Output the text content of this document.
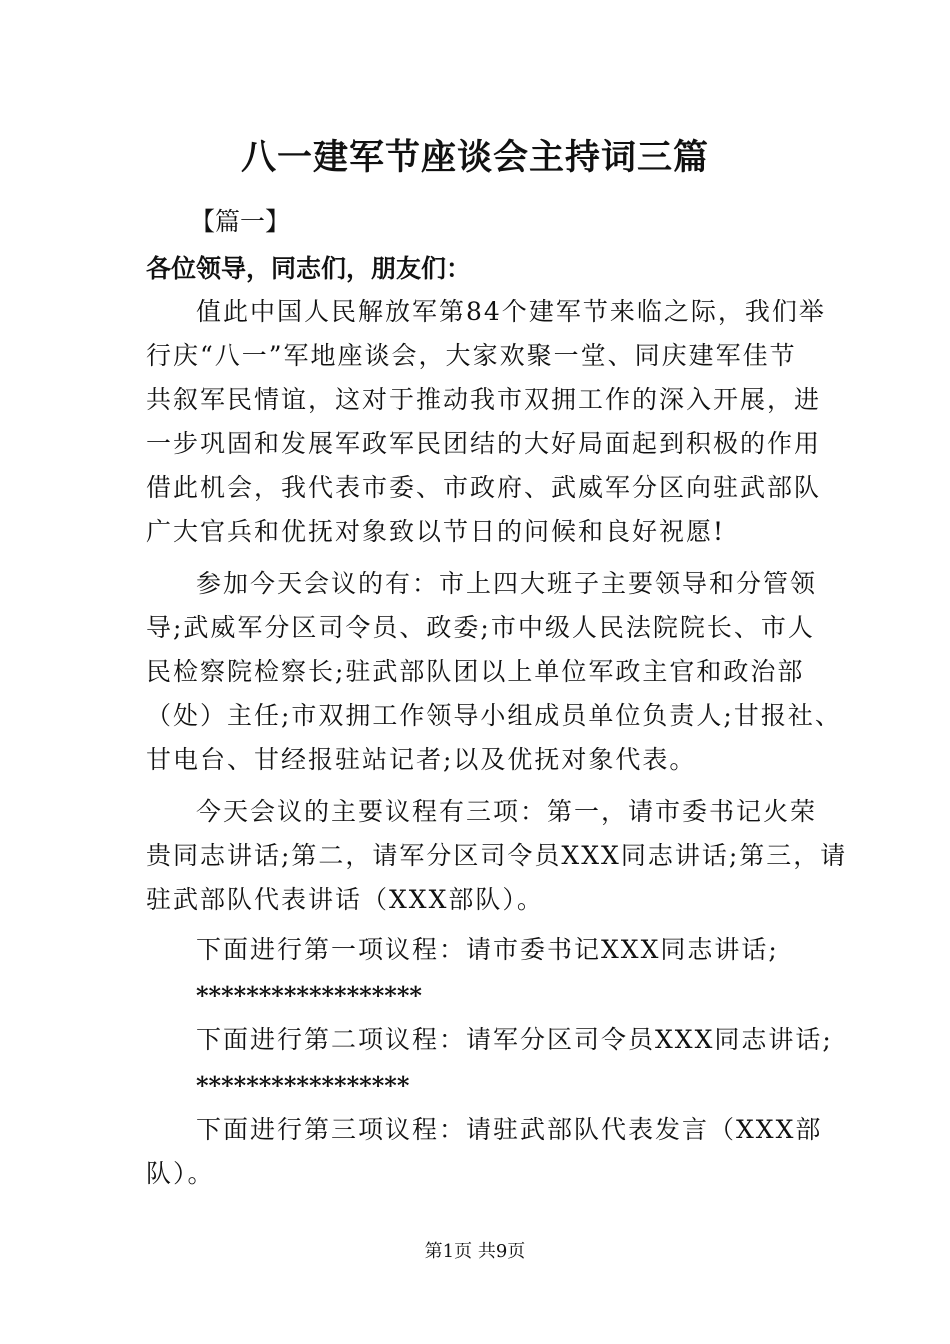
八一建军节座谈会主持词三篇
【篇一】
各位领导，同志们，朋友们：
值此中国人民解放军第84个建军节来临之际，我们举
行庆“八一”军地座谈会，大家欢聚一堂、同庆建军佳节
共叙军民情谊，这对于推动我市双拥工作的深入开展，进
一步巩固和发展军政军民团结的大好局面起到积极的作用
借此机会，我代表市委、市政府、武威军分区向驻武部队
广大官兵和优抚对象致以节日的问候和良好祝愿!
参加今天会议的有：市上四大班子主要领导和分管领
导;武威军分区司令员、政委;市中级人民法院院长、市人
民检察院检察长;驻武部队团以上单位军政主官和政治部
（处）主任;市双拥工作领导小组成员单位负责人;甘报社、
甘电台、甘经报驻站记者;以及优抚对象代表。
今天会议的主要议程有三项：第一，请市委书记火荣
贵同志讲话;第二，请军分区司令员XXX同志讲话;第三，请
驻武部队代表讲话（XXX部队）。
下面进行第一项议程：请市委书记XXX同志讲话;
******************
下面进行第二项议程：请军分区司令员XXX同志讲话;
*****************
下面进行第三项议程：请驻武部队代表发言（XXX部
队）。
第1页 共9页
